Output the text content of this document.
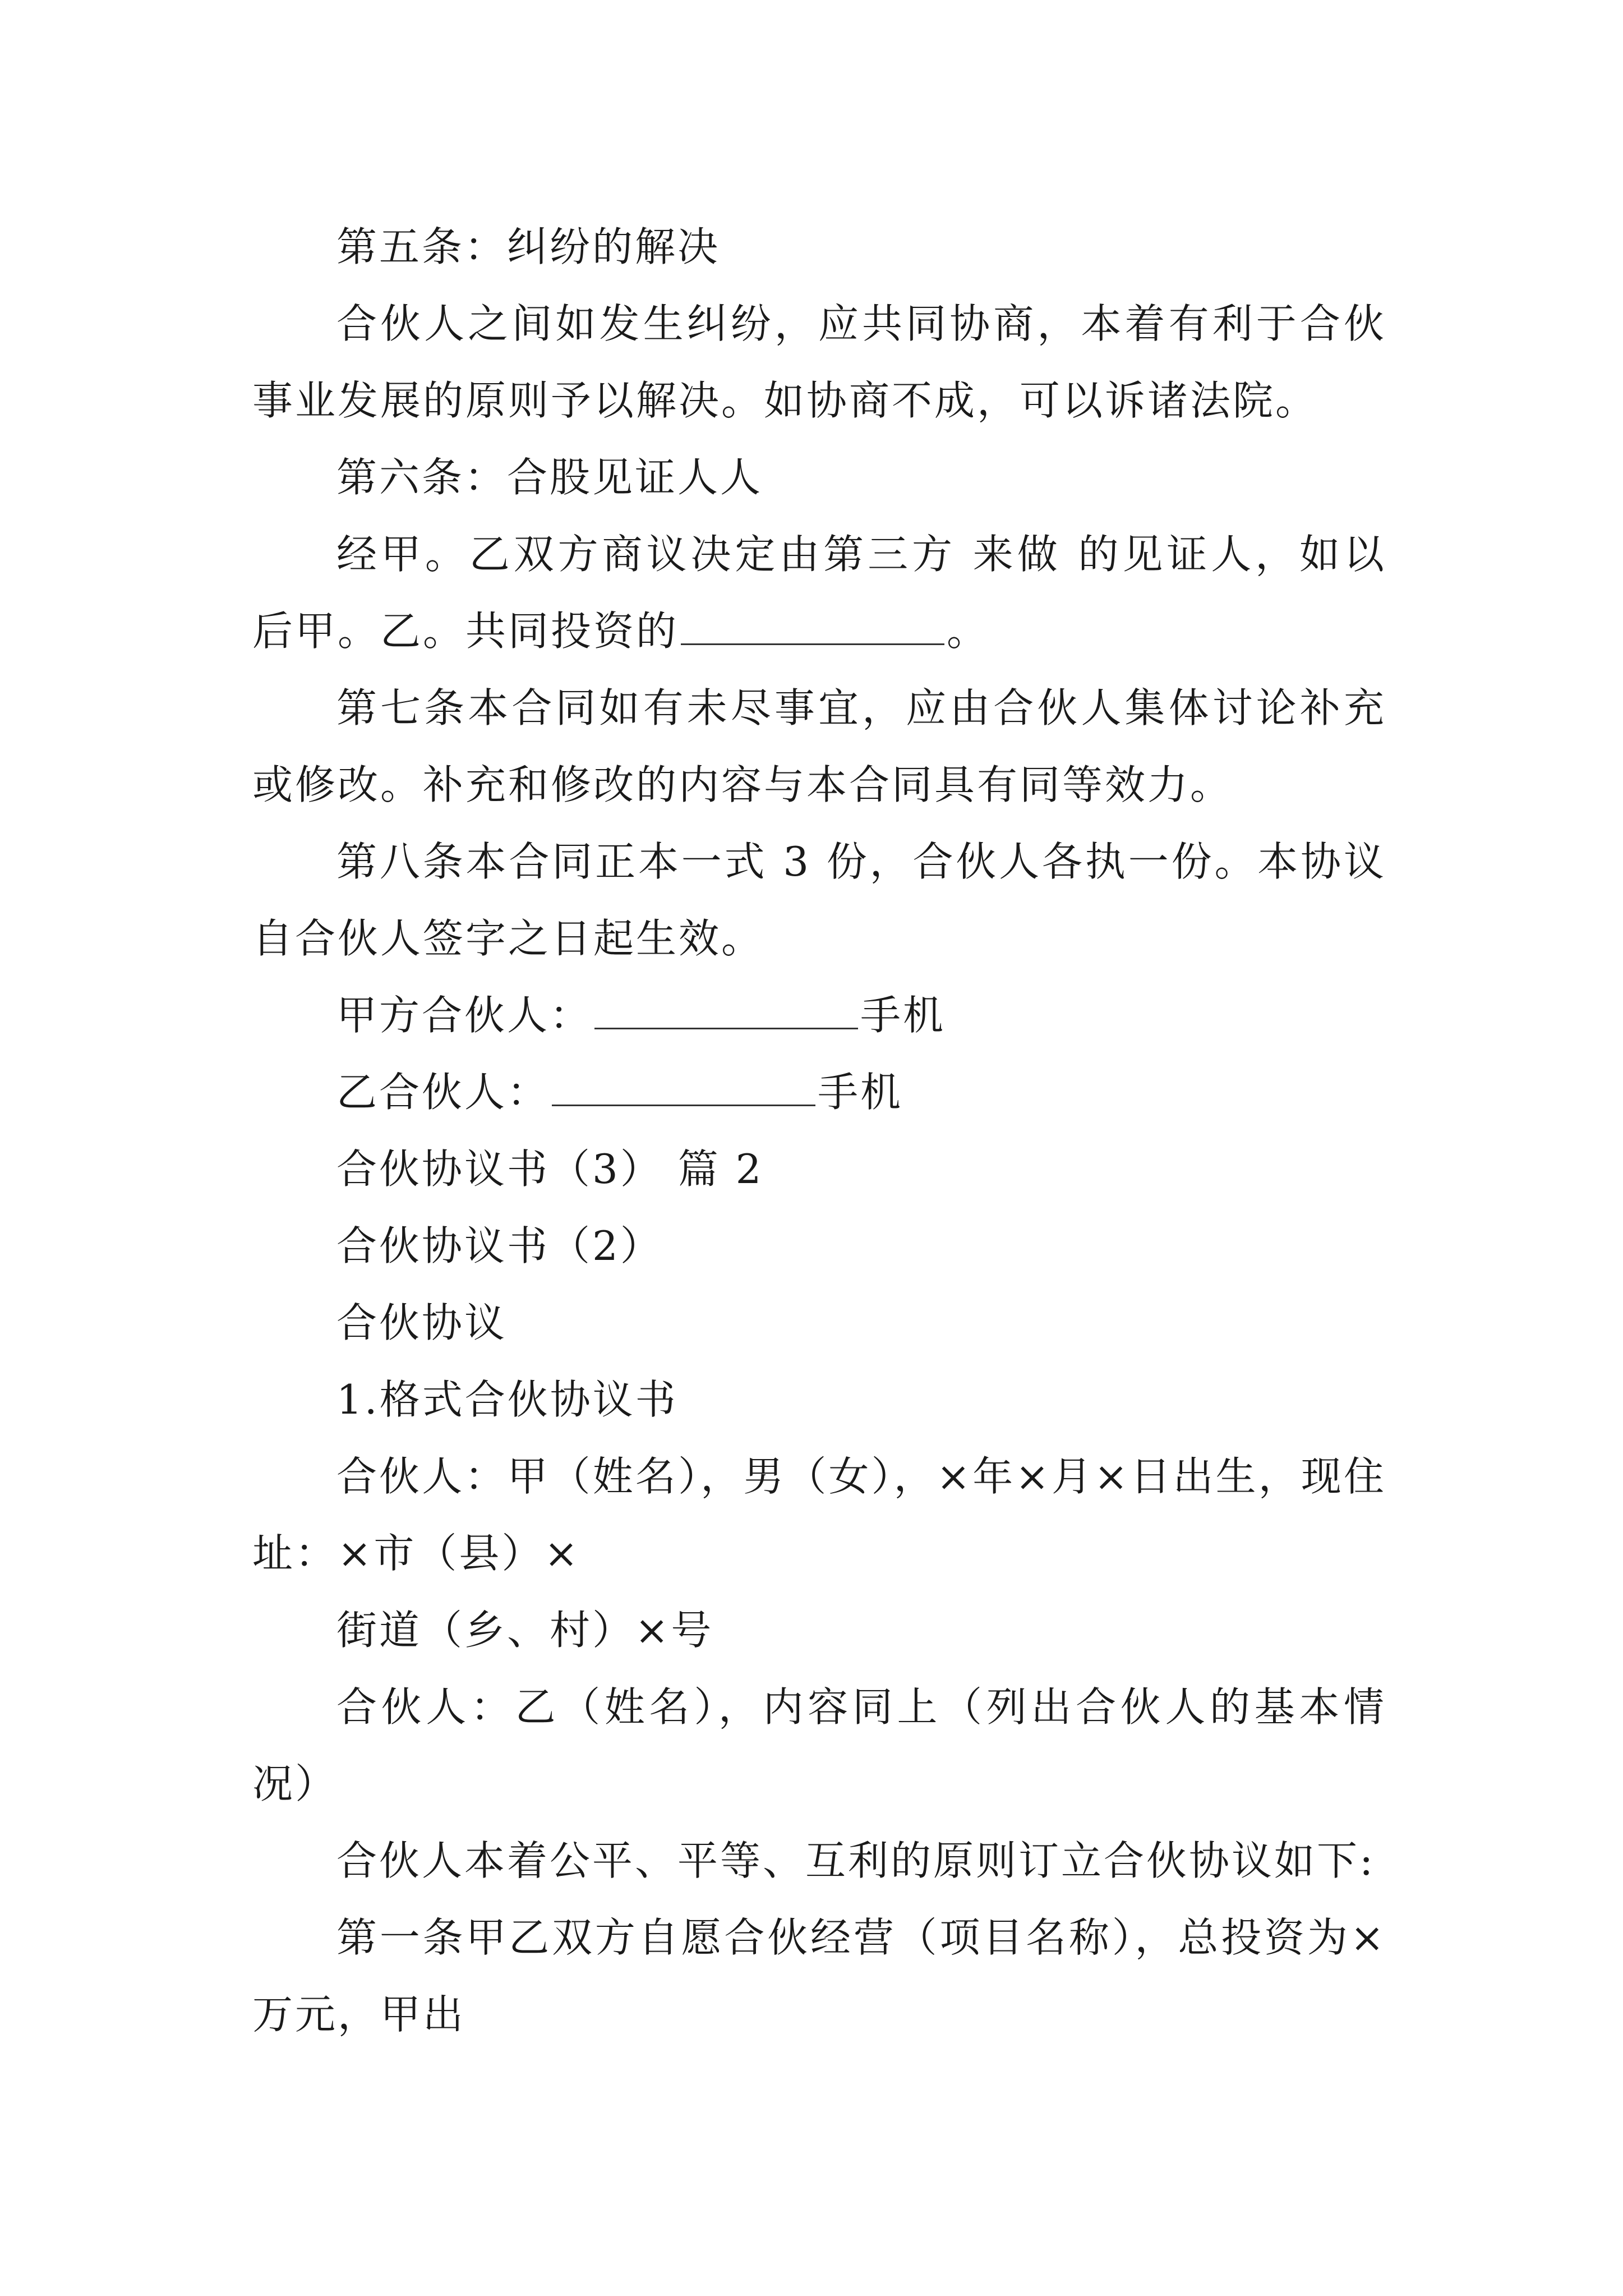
第五条：纠纷的解决

合伙人之间如发生纠纷，应共同协商，本着有利于合伙事业发展的原则予以解决。如协商不成，可以诉诸法院。

第六条：合股见证人人

经甲。乙双方商议决定由第三方 来做 的见证人，如以后甲。乙。共同投资的	。

第七条本合同如有未尽事宜，应由合伙人集体讨论补充或修改。补充和修改的内容与本合同具有同等效力。

第八条本合同正本一式 3 份，合伙人各执一份。本协议自合伙人签字之日起生效。

甲方合伙人：	手机

乙合伙人：	手机

合伙协议书（3） 篇 2

合伙协议书（2）

合伙协议

1.格式合伙协议书

合伙人：甲（姓名），男（女），×年×月×日出生，现住址：×市（县）×

街道（乡、村）×号

合伙人：乙（姓名），内容同上（列出合伙人的基本情况）

合伙人本着公平、平等、互利的原则订立合伙协议如下:

第一条甲乙双方自愿合伙经营（项目名称），总投资为×万元，甲出
